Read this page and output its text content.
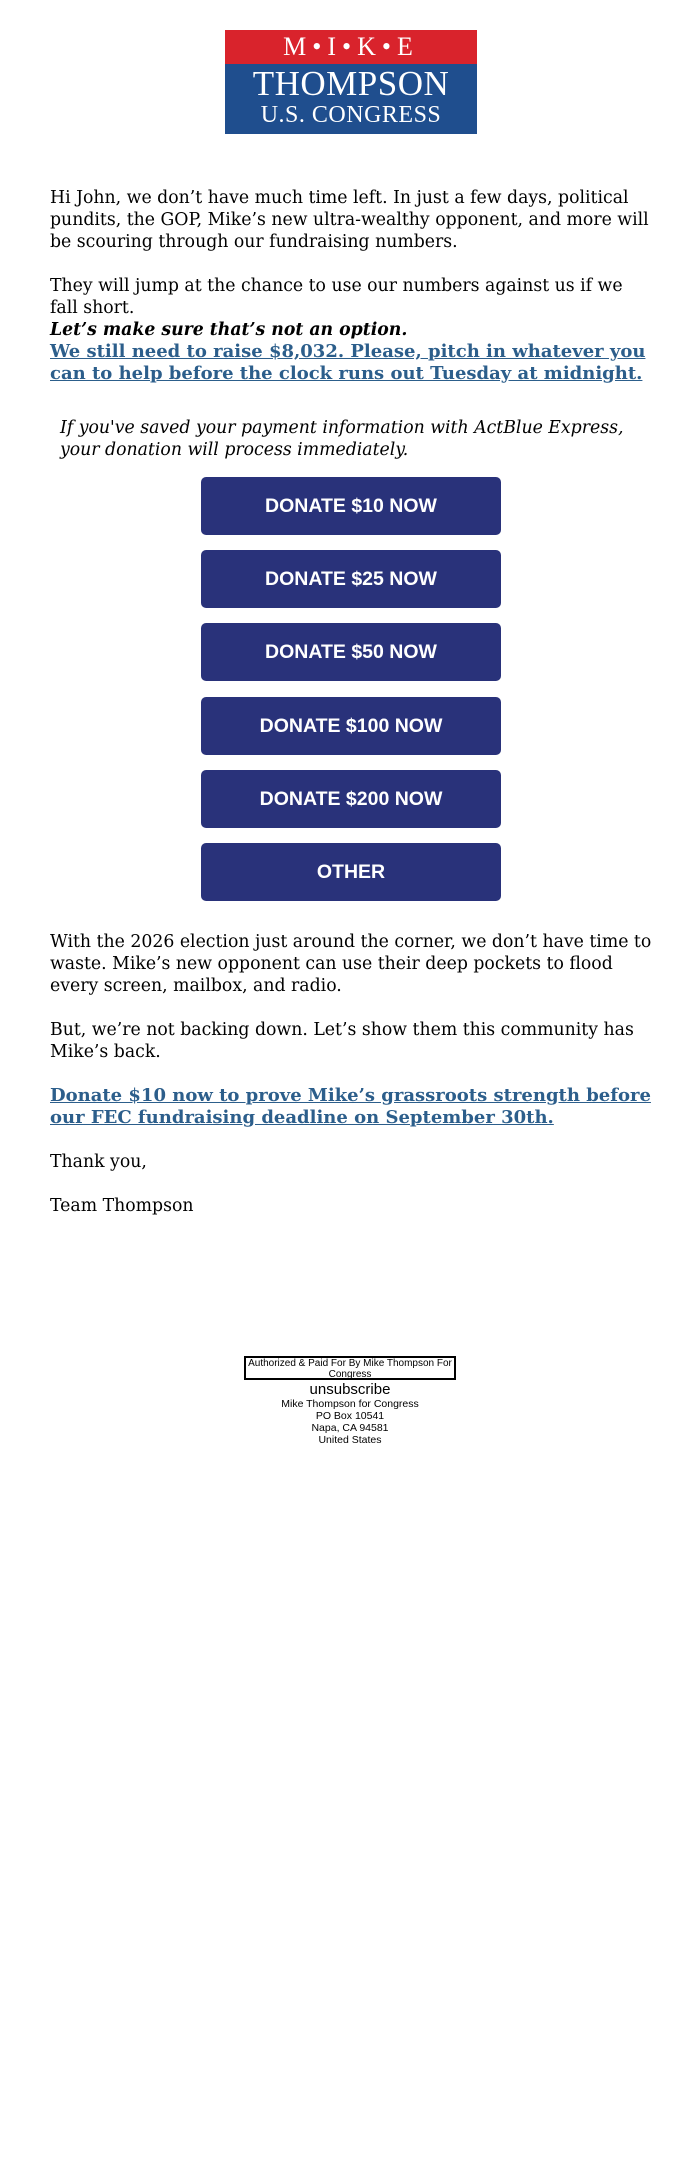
M•I•K•E
THOMPSON
U.S. CONGRESS

Hi John, we don’t have much time left. In just a few days, political pundits, the GOP, Mike’s new ultra-wealthy opponent, and more will be scouring through our fundraising numbers.

They will jump at the chance to use our numbers against us if we fall short.
Let’s make sure that’s not an option.

We still need to raise $8,032. Please, pitch in whatever you can to help before the clock runs out Tuesday at midnight.

If you've saved your payment information with ActBlue Express, your donation will process immediately.

DONATE $10 NOW
DONATE $25 NOW
DONATE $50 NOW
DONATE $100 NOW
DONATE $200 NOW
OTHER

With the 2026 election just around the corner, we don’t have time to waste. Mike’s new opponent can use their deep pockets to flood every screen, mailbox, and radio.

But, we’re not backing down. Let’s show them this community has Mike’s back.

Donate $10 now to prove Mike’s grassroots strength before our FEC fundraising deadline on September 30th.

Thank you,

Team Thompson

Authorized & Paid For By Mike Thompson For Congress
unsubscribe
Mike Thompson for Congress
PO Box 10541
Napa, CA 94581
United States
